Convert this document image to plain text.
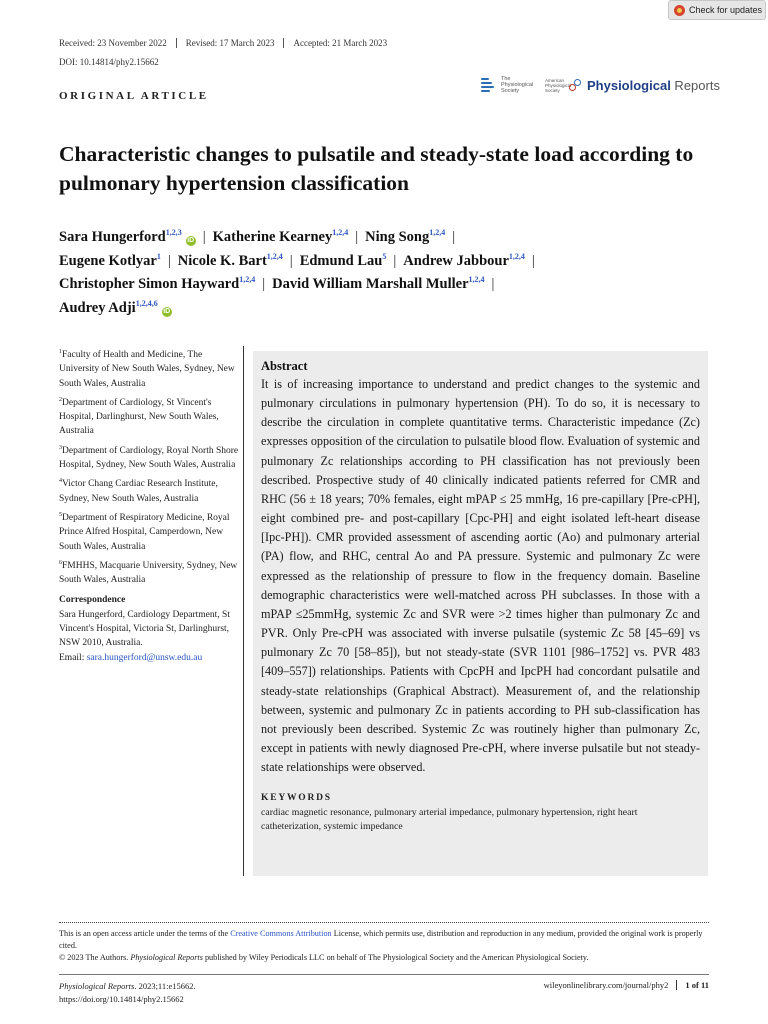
Check for updates
Received: 23 November 2022	Revised: 17 March 2023	Accepted: 21 March 2023
DOI: 10.14814/phy2.15662
ORIGINAL ARTICLE
The Physiological Society
American Physiological Society Physiological Reports
Characteristic changes to pulsatile and steady-state load according to pulmonary hypertension classification
Sara Hungerford$^{1,2,3}$iD | Katherine Kearney$^{1,2,4}$ | Ning Song$^{1,2,4}$ |
Eugene Kotlyar$^1$ | Nicole K. Bart$^{1,2,4}$ | Edmund Lau$^5$ | Andrew Jabbour$^{1,2,4}$ |
Christopher Simon Hayward$^{1,2,4}$ | David William Marshall Muller$^{1,2,4}$ |
Audrey Adji$^{1,2,4,6}$iD

$^1$Faculty of Health and Medicine, The University of New South Wales, Sydney, New South Wales, Australia

$^2$Department of Cardiology, St Vincent's Hospital, Darlinghurst, New South Wales, Australia

$^3$Department of Cardiology, Royal North Shore Hospital, Sydney, New South Wales, Australia

$^4$Victor Chang Cardiac Research Institute, Sydney, New South Wales, Australia

$^5$Department of Respiratory Medicine, Royal Prince Alfred Hospital, Camperdown, New South Wales, Australia

$^6$FMHHS, Macquarie University, Sydney, New South Wales, Australia

Correspondence

Sara Hungerford, Cardiology Department, St Vincent's Hospital, Victoria St, Darlinghurst, NSW 2010, Australia.

Email: sara.hungerford@unsw.edu.au

Abstract

It is of increasing importance to understand and predict changes to the systemic and pulmonary circulations in pulmonary hypertension (PH). To do so, it is necessary to describe the circulation in complete quantitative terms. Characteristic impedance (Zc) expresses opposition of the circulation to pulsatile blood flow. Evaluation of systemic and pulmonary Zc relationships according to PH classification has not previously been described. Prospective study of 40 clinically indicated patients referred for CMR and RHC (56 ± 18 years; 70% females, eight mPAP ≤ 25 mmHg, 16 pre-capillary [Pre-cPH], eight combined pre- and post-capillary [Cpc-PH] and eight isolated left-heart disease [Ipc-PH]). CMR provided assessment of ascending aortic (Ao) and pulmonary arterial (PA) flow, and RHC, central Ao and PA pressure. Systemic and pulmonary Zc were expressed as the relationship of pressure to flow in the frequency domain. Baseline demographic characteristics were well-matched across PH subclasses. In those with a mPAP ≤25mmHg, systemic Zc and SVR were >2 times higher than pulmonary Zc and PVR. Only Pre-cPH was associated with inverse pulsatile (systemic Zc 58 [45–69] vs pulmonary Zc 70 [58–85]), but not steady-state (SVR 1101 [986–1752] vs. PVR 483 [409–557]) relationships. Patients with CpcPH and IpcPH had concordant pulsatile and steady-state relationships (Graphical Abstract). Measurement of, and the relationship between, systemic and pulmonary Zc in patients according to PH sub-classification has not previously been described. Systemic Zc was routinely higher than pulmonary Zc, except in patients with newly diagnosed Pre-cPH, where inverse pulsatile but not steady-state relationships were observed.

KEYWORDS

cardiac magnetic resonance, pulmonary arterial impedance, pulmonary hypertension, right heart catheterization, systemic impedance

This is an open access article under the terms of the Creative Commons Attribution License, which permits use, distribution and reproduction in any medium, provided the original work is properly cited.

© 2023 The Authors. Physiological Reports published by Wiley Periodicals LLC on behalf of The Physiological Society and the American Physiological Society.

Physiological Reports. 2023;11:e15662.
https://doi.org/10.14814/phy2.15662
wileyonlinelibrary.com/journal/phy2	1 of 11
